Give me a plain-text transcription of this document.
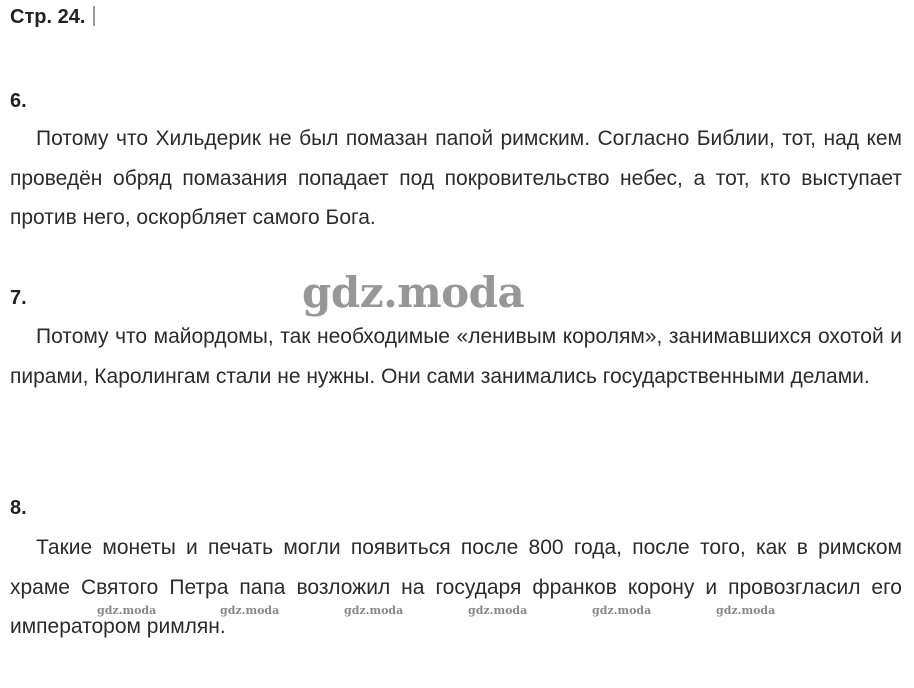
Стр. 24.
6.
Потому что Хильдерик не был помазан папой римским. Согласно Библии, тот, над кем проведён обряд помазания попадает под покровительство небес, а тот, кто выступает против него, оскорбляет самого Бога.
7.
Потому что майордомы, так необходимые «ленивым королям», занимавшихся охотой и пирами, Каролингам стали не нужны. Они сами занимались государственными делами.
8.
Такие монеты и печать могли появиться после 800 года, после того, как в римском храме Святого Петра папа возложил на государя франков корону и провозгласил его императором римлян.
gdz.moda
gdz.moda	gdz.moda	gdz.moda	gdz.moda	gdz.moda	gdz.moda
